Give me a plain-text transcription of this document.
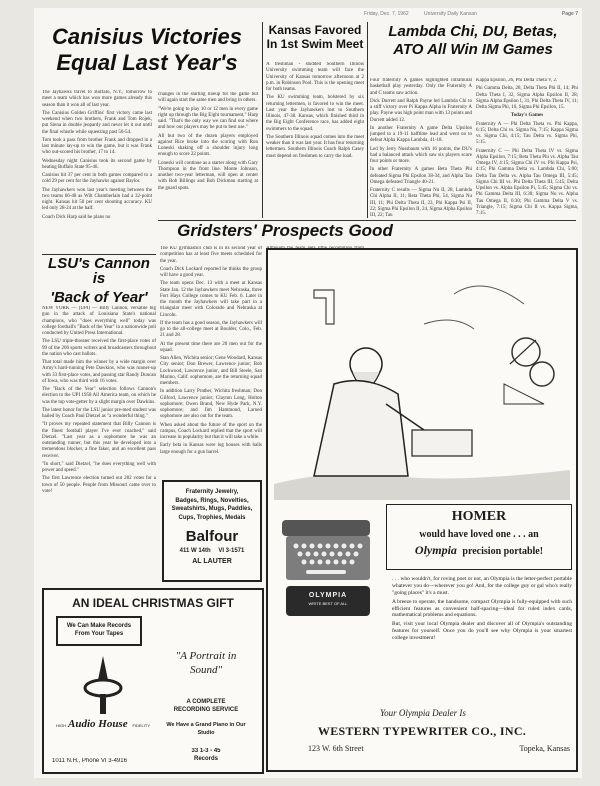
Friday, Dec. 7, 1962	University Daily Kansan	Page 7
Canisius Victories
Equal Last Year's

The Jayhawks travel to Buffalo, N.Y., tomorrow to meet a team which has won more games already this season than it won all of last year.

The Canisius Golden Griffins' first victory came last weekend when two brothers, Frank and Tom Rojek, put Siena in double jeopardy and never let it out until the final whistle while squeezing past 56-54.

Tom took a pass from brother Frank and dropped in a last minute lay-up to win the game, but it was Frank who out-scored his brother, 17 to 14.

Wednesday night Canisius took its second game by beating Buffalo State 95-46.

Canisius hit 37 per cent in both games compared to a cold 29 per cent for the Jayhawks against Baylor.

The Jayhawkers won last year's meeting between the two teams 66-48 as Wilt Chamberlain had a 32-point night. Kansas hit 50 per cent shooting accuracy. KU led only 28-24 at the half.

Coach Dick Harp said he plans no

changes in the starting lineup for the game but will again start the same men and bring in others.

"We're going to play 10 or 12 men in every game right up through the Big Eight tournament," Harp said. "That's the only way we can find out where and how our players may be put to best use."

All but two of the dozen players employed against Rice broke into the scoring with Ron Loneski shaking off a shoulder injury long enough to score 22 points.

Loneski will continue as a starter along with Gary Thompson in the front line. Monte Johnson, another two-year letterman, will open at center with Bob Billings and Bob Dickman starting at the guard spots.

Kansas Favored
In 1st Swim Meet

A freshman - studded Southern Illinois University swimming team will face the University of Kansas tomorrow afternoon at 2 p.m. in Robinson Pool. This is the opening meet for both teams.

The KU swimming team, bolstered by six returning lettermen, is favored to win the meet. Last year the Jayhawkers lost to Southern Illinois, 47-38. Kansas, which finished third in the Big Eight Conference race, has added eight swimmers to the squad.

The Southern Illinois squad comes into the meet weaker than it was last year. It has four returning lettermen. Southern Illinois Coach Ralph Casey must depend on freshmen to carry the load.

Lambda Chi, DU, Betas,
ATO All Win IM Games

Four fraternity A games highlighted intramural basketball play yesterday. Only the Fraternity A and C teams saw action.

Dick Durrett and Ralph Payne led Lambda Chi to a stiff victory over Pi Kappa Alpha in Fraternity A play. Payne was high point man with 13 points and Durrett added 12.

In another Fraternity A game Delta Upsilon jumped to a 19-11 halftime lead and went on to defeat Alpha Kappa Lambda, 41-18.

Led by Jerry Nussbaum with 16 points, the DU's had a balanced attack which saw six players score four points or more.

In other Fraternity A games Beta Theta Phi defeated Sigma Phi Epsilon 38-34, and Alpha Tau Omega defeated Triangle 40-21.

Fraternity C results — Sigma Nu II, 28, Lambda Chi Alpha II, 11; Beta Theta Phi, 54, Sigma Nu III, 11; Phi Delta Theta II, 23, Phi Kappa Psi II, 22; Sigma Phi Epsilon II, 24, Sigma Alpha Epsilon III, 22; Tau

Kappa Epsilon, 26, Phi Delta Theta V, 2.

Phi Gamma Delta, 28, Delta Theta Phi II, 14; Phi Delta Theta I, 32, Sigma Alpha Epsilon II, 28; Sigma Alpha Epsilon I, 31, Phi Delta Theta IV, 11; Delta Sigma Phi, 16, Sigma Phi Epsilon, 15.

Today's Games

Fraternity A — Phi Delta Theta vs. Phi Kappa, 6:15; Delta Chi vs. Sigma Nu, 7:15; Kappa Sigma vs. Sigma Chi, 4:15; Tau Delta vs. Sigma Phi, 5:15.

Fraternity C — Phi Delta Theta IV vs. Sigma Alpha Epsilon, 7:15; Beta Theta Phi vs. Alpha Tau Omega IV, 4:15; Sigma Chi IV vs. Phi Kappa Psi, 4:15; Phi Gamma Delta vs. Lambda Chi, 5:00; Delta Tau Delta vs. Alpha Tau Omega III, 5:45; Sigma Chi III vs. Phi Delta Theta III, 5:45; Delta Upsilon vs. Alpha Epsilon Pi, 5:45; Sigma Chi vs. Phi Gamma Delta III, 6:30; Sigma Nu vs. Alpha Tau Omega II, 6:30; Phi Gamma Delta V vs. Triangle, 7:15; Sigma Chi II vs. Kappa Sigma, 7:15.

LSU's Cannon is
'Back of Year'

NEW YORK — (UPI) — Billy Cannon, versatile big gun in the attack of Louisiana State's national champions, who "does everything well" today was college football's "Back of the Year" in a nationwide poll conducted by United Press International.

The LSU triple-threater received the first-place votes of 99 of the 206 sports writers and broadcasters throughout the nation who cast ballots.

That total made him the winner by a wide margin over Army's hard-running Pete Dawkins, who was runner-up with 33 first-place votes, and passing star Randy Duncan of Iowa, who was third with 16 votes.

The "Back of the Year" selection follows Cannon's election to the UPI 1958 All America team, on which he was the top vote-getter by a slight margin over Dawkins.

The latest honor for the LSU junior pre-med student was hailed by Coach Paul Dietzel as "a wonderful thing."

"It proves my repeated statement that Billy Cannon is the finest football player I've ever coached," said Dietzel. "Last year as a sophomore he was an outstanding runner, but this year he developed into a tremendous blocker, a fine faker, and an excellent pass receiver.

"In short," said Dietzel, "he does everything well with power and speed."

The first Lawrence election turned out 282 votes for a town of 50 people. People from Missouri came over to vote!

Gridsters' Prospects Good

The KU gymnastics club is in its second year of competition has at least five meets scheduled for the year.

Coach Dick Lockard reported he thinks the group will have a good year.

The team opens Dec. 13 with a meet at Kansas State Jan. 12 the Jayhawkers meet Nebraska, three Fort Hays College comes to KU Feb. 6. Later in the month the Jayhawkers will take part in a triangular meet with Colorado and Nebraska at Lincoln.

If the team has a good season, the Jayhawkers will go to the all-college meet at Boulder, Colo., Feb. 21 and 28.

At the present time there are 20 men out for the squad.

Stan Allen, Wichita senior; Gene Woodard, Kansas City senior; Don Brewer, Lawrence junior; Bob Lockwood, Lawrence junior, and Bill Steele, San Marino, Calif. sophomore, are the returning squad members.

In addition Larry Prather, Wichita freshman; Don Gilford, Lawrence junior; Clayton Long, Holton sophomore; Owen Brand, New Hyde Park, N.Y. sophomore; and Jim Hammond, Larned sophomore are also out for the team.

When asked about the future of the sport on the campus, Coach Lockard replied that the sport will increase in popularity but that it will take a while.

Early beta in Kansas were log houses with halls large enough for a gun barrel.

Fraternity Jewelry,
Badges, Rings, Novelties,
Sweatshirts, Mugs, Paddles,
Cups, Trophies, Medals
Balfour
411 W 14th VI 3-1571
AL LAUTER
AN IDEAL CHRISTMAS GIFT
We Can Make Records From Your Tapes
HIGH Audio House FIDELITY
1011 N.H., Phone VI 3-4916
"A Portrait in
Sound"
A COMPLETE
RECORDING SERVICE
We Have a Grand Piano in Our Studio
33 1-3 - 45
Records
HOMER
would have loved one . . . an
Olympia precision portable!
OLYMPIA
WRITE BEST OF ALL

. . . who wouldn't, for roving poet or not, an Olympia is the letter-perfect portable whatever you do—wherever you go! And, for the college guy or gal who's really "going places" it's a must.

A breeze to operate, the handsome, compact Olympia is fully-equipped with such efficient features as convenient half-spacing—ideal for ruled index cards, mathematical problems and equations.

But, visit your local Olympia dealer and discover all of Olympia's outstanding features for yourself. Once you do you'll see why Olympia is your smartest college investment!

Your Olympia Dealer Is
WESTERN TYPEWRITER CO., INC.
123 W. 6th Street	Topeka, Kansas
